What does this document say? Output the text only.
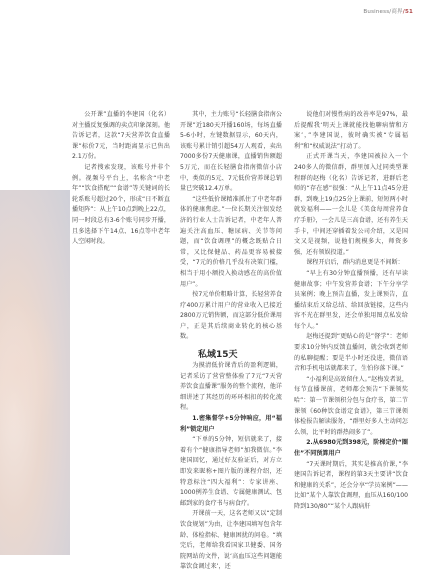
Business/商界/51

公开课”直播的李建国（化名）对主播反复强调的卖点印象深刻。他告诉记者，这款“7天营养饮食直播课”标价7元，当时距离显示已售出2.1万份。

记者搜索发现，该账号并非个例。视频号平台上，名称含“中老年”“饮食搭配”“食谱”等关键词的长轮系账号超过20个，形成“日不断直播矩阵”：从上午10点到晚上22点，同一时段总有3-6个账号同步开播，且多选择下午14点、16点等中老年人空闲时段。

其中，主力账号“长轻膳食指南公开课”近180天开播160场，每场直播5-6小时，左键数据显示，60天内，该账号累计销引超54万人观看，卖出7000多份7天健康课，直播销售额超5万元，而在长轻膳食指南微信小店中，类似的5元、7元低价营养课总销量已突破12.4万单。

“这些低价课精准抓住了中老年群体的健康焦虑。”一位长期关注银发经济的行业人士告诉记者，中老年人普遍关注高血压、糖尿病、关节等问题，而“饮食调理”的概念既贴合日常，又比保健品、药品更容易被接受，“7元的价格几乎没有决策门槛，相当于用小额投入换动感在的高价值用户”。

按7元单价粗略计算，长轻营养食疗400万累计用户的营业收入已接近2800万元销售额，而这部分低价课用户，正是其后续商业转化的核心基数。

私域15天

为摸清低价课背后的盈利逻辑，记者采访了营营整体验了7元“7天营养饮食直播课”服务的整个流程，他详细讲述了其经历的环环相扣的转化流程。

1.密集督学+5分钟响应，用“福利”锁定用户

“下单的5分钟，短信就来了，接着有个“健康指导老师”加我微信。”李建国回忆，通过好友验证后，对方立即发来昵称+图片版的课程介绍，还特意标注“四大福利”：专家讲座、1000例养生食谱、专属健康测试、包邮到家的食疗书与病食疗。

开课前一天，这名老师又以“定制饮食规划”为由，让李建国填写包含年龄、体检指标、健康困扰的问卷。“填完后，老师给我看国家卫健委、国务院网站的文件，说‘高血压这些问题能靠饮食调过来’，还

说他们对慢性病的改善率是97%，最后提醒我‘明天上课就能找他聊病情和方案’，”李建国说，彼时确实被“专属福利”和“权威说法”打动了。

正式开课当天，李建国被拉入一个240多人的微信群，群里加入过同类型课程群的赵梅（化名）告诉记者，进群后老师的“存在感”很强：“从上午11点45分进群，到晚上19点25分上课前，短短两小时就发福利——一会儿是《美食每周营养食疗手册》，一会儿是三高食谱，还有养生天手卡，中间还穿插着发公司介绍，又是国文又是视频，说他们规模多大，师资多强，还有领娱投道。”

课程开启后，群内消息更是不间断：

“早上有30分钟直播预播，还有早读健康故事；中午发营养食谱；下午分享学员案例；晚上预告直播，发上课预告，直播结束后又给总结、给回放链接，这些内容不光在群里发，还会单独用图点私发给每个人。”

赵梅还提到“更贴心的是”督学”：老师要求10分钟内反馈直播问，就会收到老师的私聊提醒；要是半小时还没进，微信语音和手机电话就都来了，生怕你落下课。”

“小福利是高效留住人。”赵梅发者说，每节直播课前，老师都会预告“下课领奖哈”：第一节课领积分包与食疗书，第二节课领《60种饮食谱定食谱》，第三节课领体检报告解读服务，“群里好多人主动问怎么领，比平时的群热闹多了”。

2.从6980元到398元，阶梯定价“圈住”不同预算用户

“7天课时期后，其实是推高价课，”李建国告诉记者，课程的第3天主要讲“饮食和健康的关系”，还会分享“学员案例”——比如“某个人靠饮食调理，血压从160/100降到130/80”“某个人跟病肝
